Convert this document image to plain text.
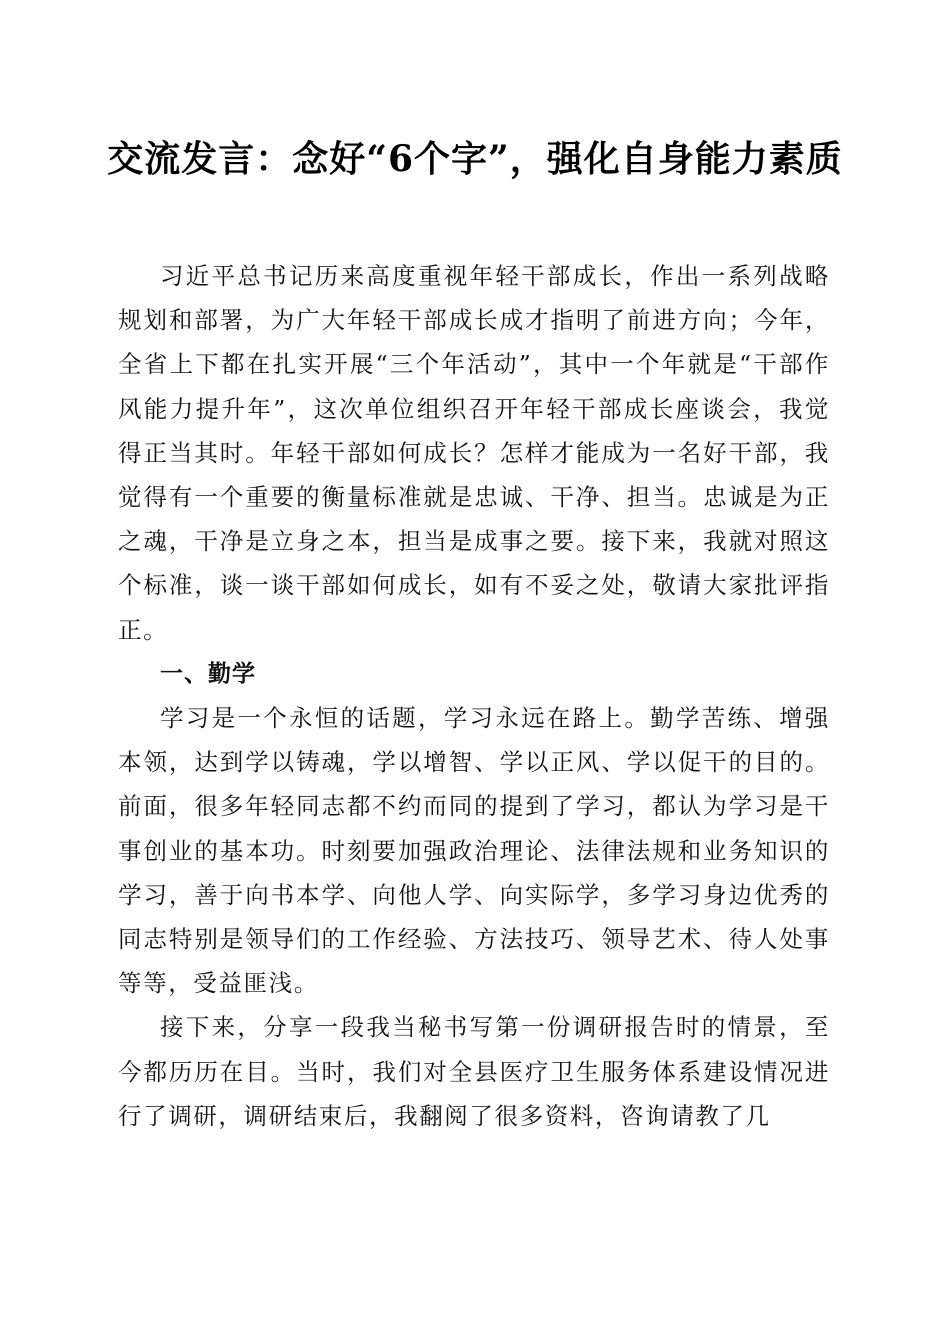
交流发言：念好“6个字”，强化自身能力素质

习近平总书记历来高度重视年轻干部成长，作出一系列战略规划和部署，为广大年轻干部成长成才指明了前进方向；今年，全省上下都在扎实开展“三个年活动”，其中一个年就是“干部作风能力提升年”，这次单位组织召开年轻干部成长座谈会，我觉得正当其时。年轻干部如何成长？怎样才能成为一名好干部，我觉得有一个重要的衡量标准就是忠诚、干净、担当。忠诚是为正之魂，干净是立身之本，担当是成事之要。接下来，我就对照这个标准，谈一谈干部如何成长，如有不妥之处，敬请大家批评指正。

一、勤学

学习是一个永恒的话题，学习永远在路上。勤学苦练、增强本领，达到学以铸魂，学以增智、学以正风、学以促干的目的。前面，很多年轻同志都不约而同的提到了学习，都认为学习是干事创业的基本功。时刻要加强政治理论、法律法规和业务知识的学习，善于向书本学、向他人学、向实际学，多学习身边优秀的同志特别是领导们的工作经验、方法技巧、领导艺术、待人处事等等，受益匪浅。

接下来，分享一段我当秘书写第一份调研报告时的情景，至今都历历在目。当时，我们对全县医疗卫生服务体系建设情况进行了调研，调研结束后，我翻阅了很多资料，咨询请教了几
